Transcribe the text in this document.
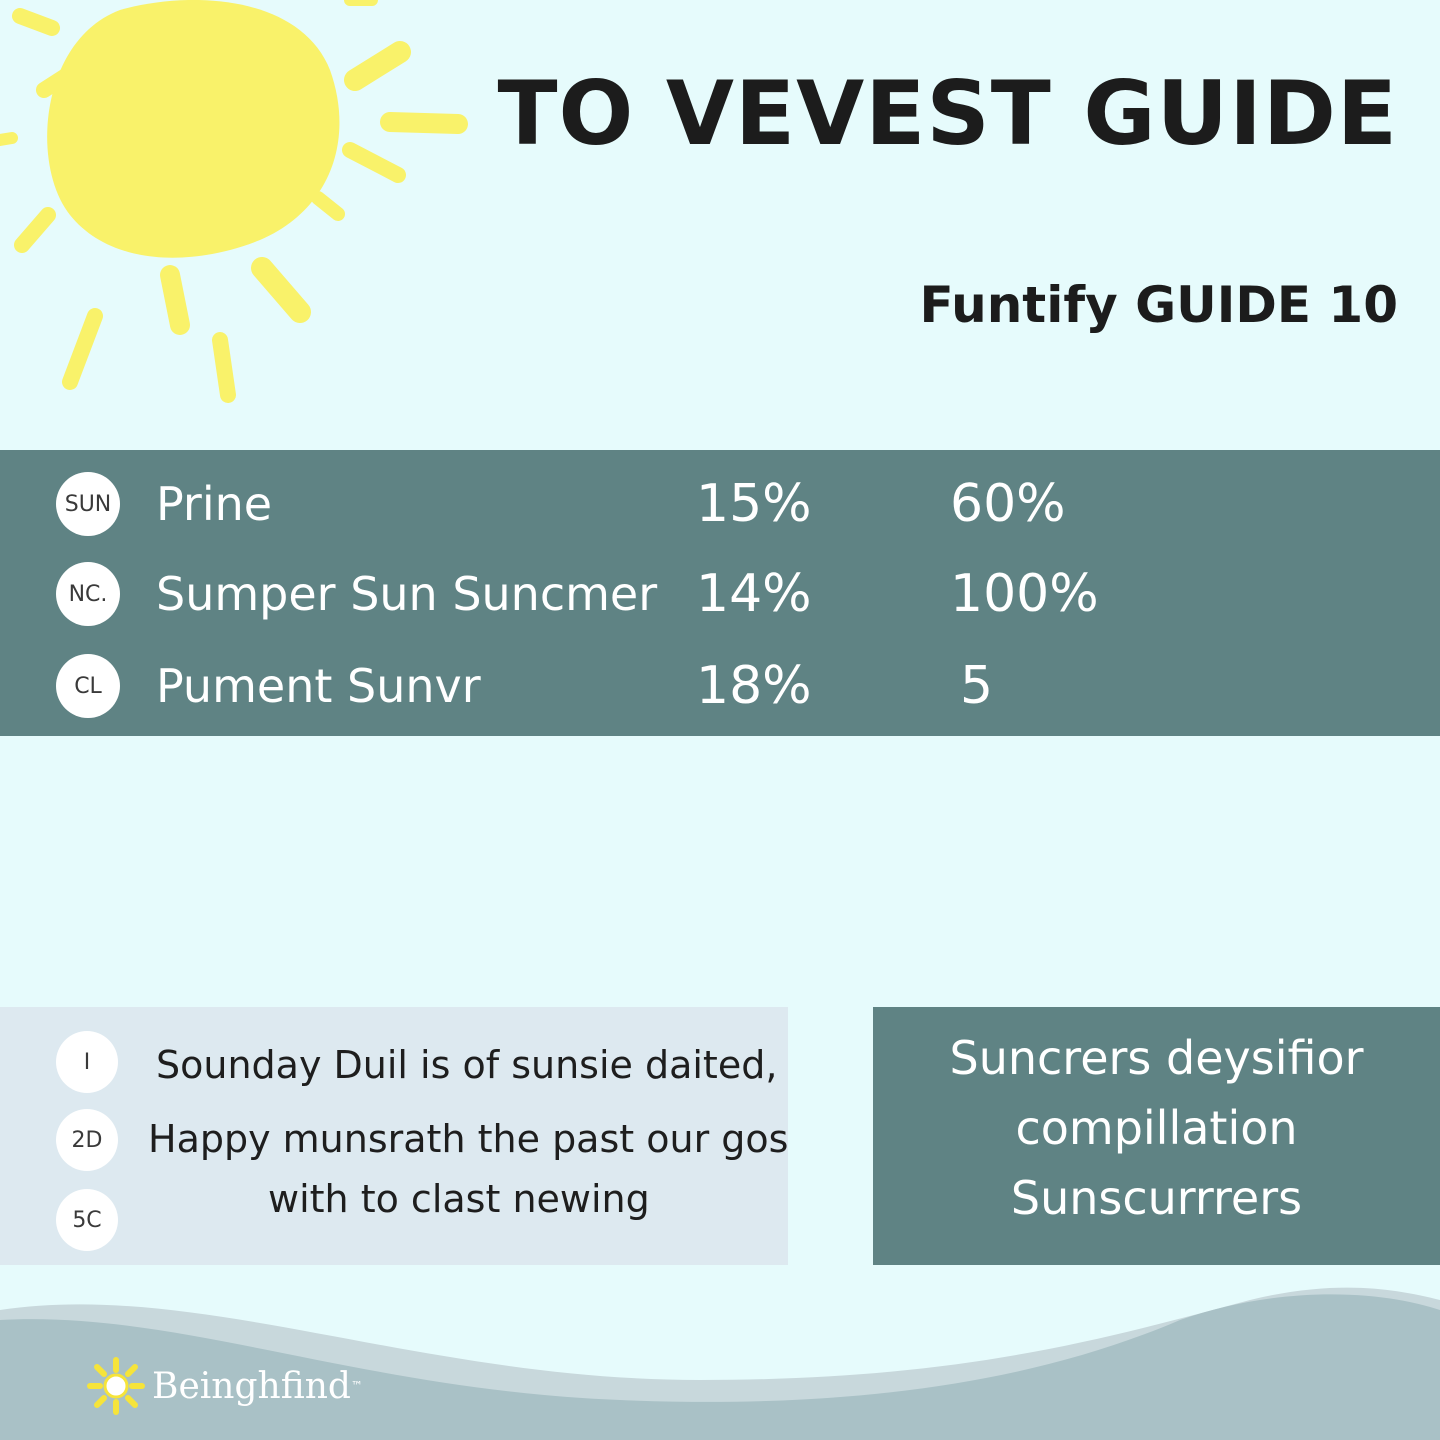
TO VEVEST GUIDE
Funtify GUIDE 10
SUN Prine	15%	60%
NC. Sumper Sun Suncmer 14%	100%
CL	Pument Sunvr	18%	5
I
2D
5C
Sounday Duil is of sunsie daited,
Happy munsrath the past our gos
with to clast newing
Suncrers deysifior
compillation
Sunscurrrers
Beinghfind ™
